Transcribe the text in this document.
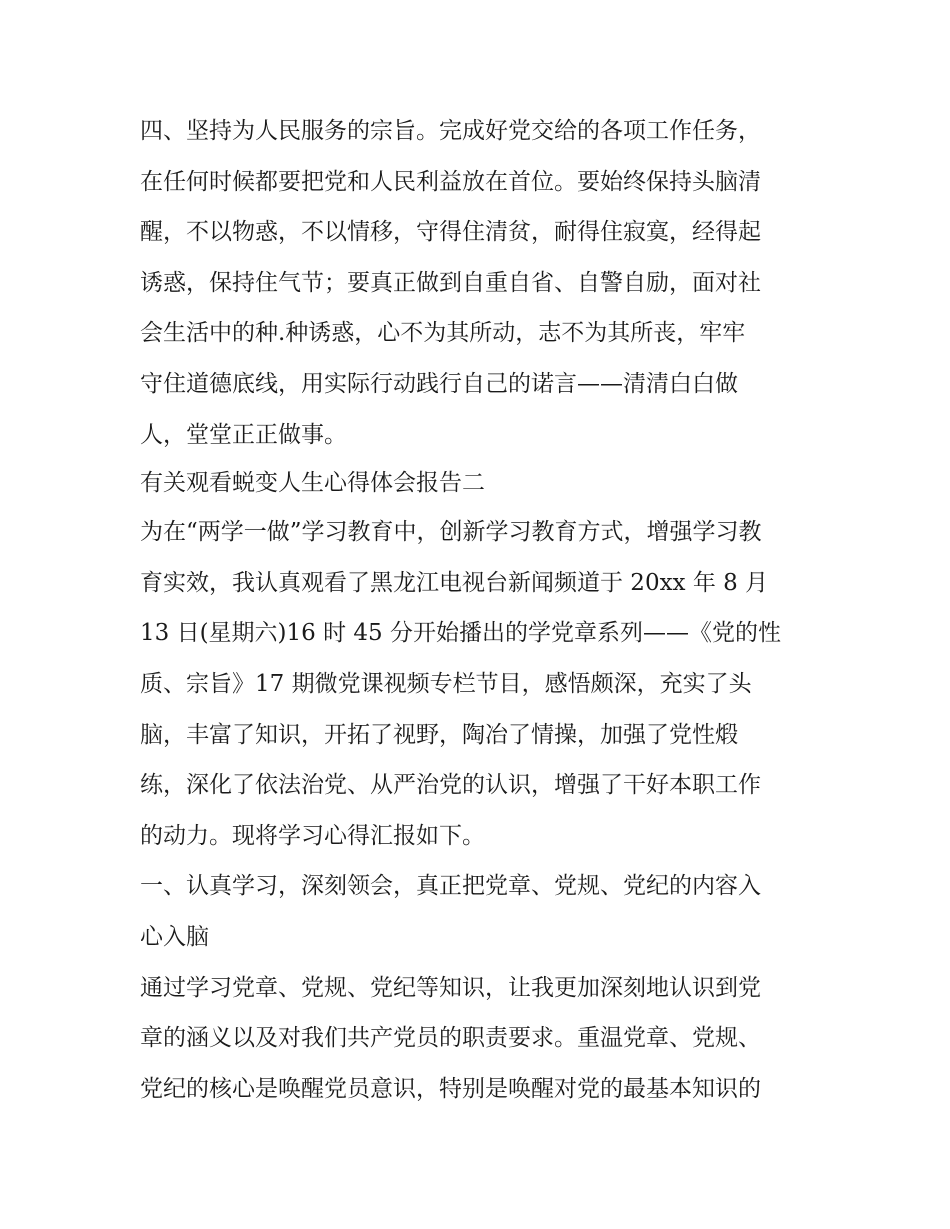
四、坚持为人民服务的宗旨。完成好党交给的各项工作任务，
在任何时候都要把党和人民利益放在首位。要始终保持头脑清
醒，不以物惑，不以情移，守得住清贫，耐得住寂寞，经得起
诱惑，保持住气节；要真正做到自重自省、自警自励，面对社
会生活中的种.种诱惑，心不为其所动，志不为其所丧，牢牢
守住道德底线，用实际行动践行自己的诺言——清清白白做
人，堂堂正正做事。
有关观看蜕变人生心得体会报告二
为在“两学一做”学习教育中，创新学习教育方式，增强学习教
育实效，我认真观看了黑龙江电视台新闻频道于 20xx 年 8 月
13 日(星期六)16 时 45 分开始播出的学党章系列——《党的性
质、宗旨》17 期微党课视频专栏节目，感悟颇深，充实了头
脑，丰富了知识，开拓了视野，陶冶了情操，加强了党性煅
练，深化了依法治党、从严治党的认识，增强了干好本职工作
的动力。现将学习心得汇报如下。
一、认真学习，深刻领会，真正把党章、党规、党纪的内容入
心入脑
通过学习党章、党规、党纪等知识，让我更加深刻地认识到党
章的涵义以及对我们共产党员的职责要求。重温党章、党规、
党纪的核心是唤醒党员意识，特别是唤醒对党的最基本知识的
